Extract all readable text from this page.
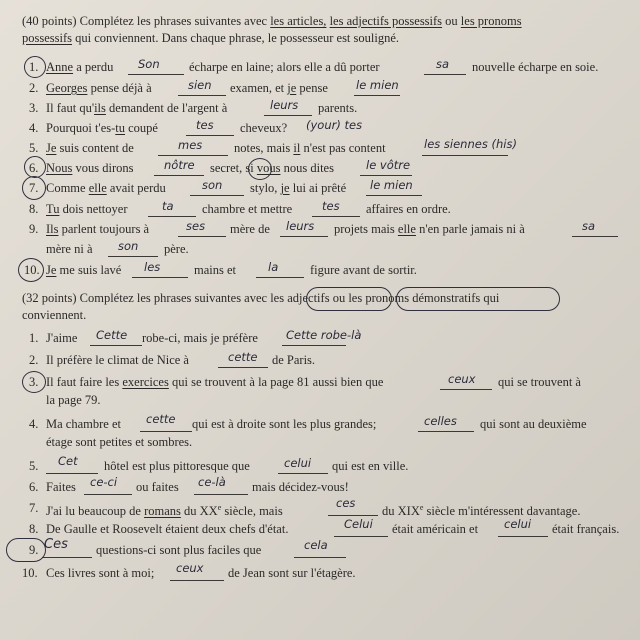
(40 points) Complétez les phrases suivantes avec les articles, les adjectifs possessifs ou les pronoms
possessifs qui conviennent. Dans chaque phrase, le possesseur est souligné.
1. Anne a perdu Son écharpe en laine; alors elle a dû porter	sa nouvelle écharpe en soie.
2. Georges pense déjà à	sien examen, et je pense le mien
3. Il faut qu'ils demandent de l'argent à	leurs parents.
4. Pourquoi t'es-tu coupé	tes cheveux? (your) tes
5. Je suis content de	mes	notes, mais il n'est pas content	les siennes (his)
6. Nous vous dirons	nôtre secret, si vous nous dites	le vôtre
7. Comme elle avait perdu	son stylo, je lui ai prêté le mien
8. Tu dois nettoyer	ta chambre et mettre	tes affaires en ordre.
9. Ils parlent toujours à	ses mère de leurs projets mais elle n'en parle jamais ni à	sa
mère ni à son père.
10. Je me suis lavé les	mains et	la	figure avant de sortir.
(32 points) Complétez les phrases suivantes avec les adjectifs ou les pronoms démonstratifs qui
conviennent.
1. J'aime Cette robe-ci, mais je préfère Cette robe-là
2. Il préfère le climat de Nice à	cette de Paris.
3. Il faut faire les exercices qui se trouvent à la page 81 aussi bien que	ceux qui se trouvent à
la page 79.
4. Ma chambre et cette qui est à droite sont les plus grandes;	celles qui sont au deuxième
étage sont petites et sombres.
5. Cet hôtel est plus pittoresque que	celui qui est en ville.
6. Faites ce-ci ou faites ce-là mais décidez-vous!
7. J'ai lu beaucoup de romans du XXe siècle, mais
ces
du XIXe siècle m'intéressent davantage.
8. De Gaulle et Roosevelt étaient deux chefs d'état.	Celui était américain et celui était français.
9. Ces questions-ci sont plus faciles que	cela
10. Ces livres sont à moi; ceux de Jean sont sur l'étagère.
